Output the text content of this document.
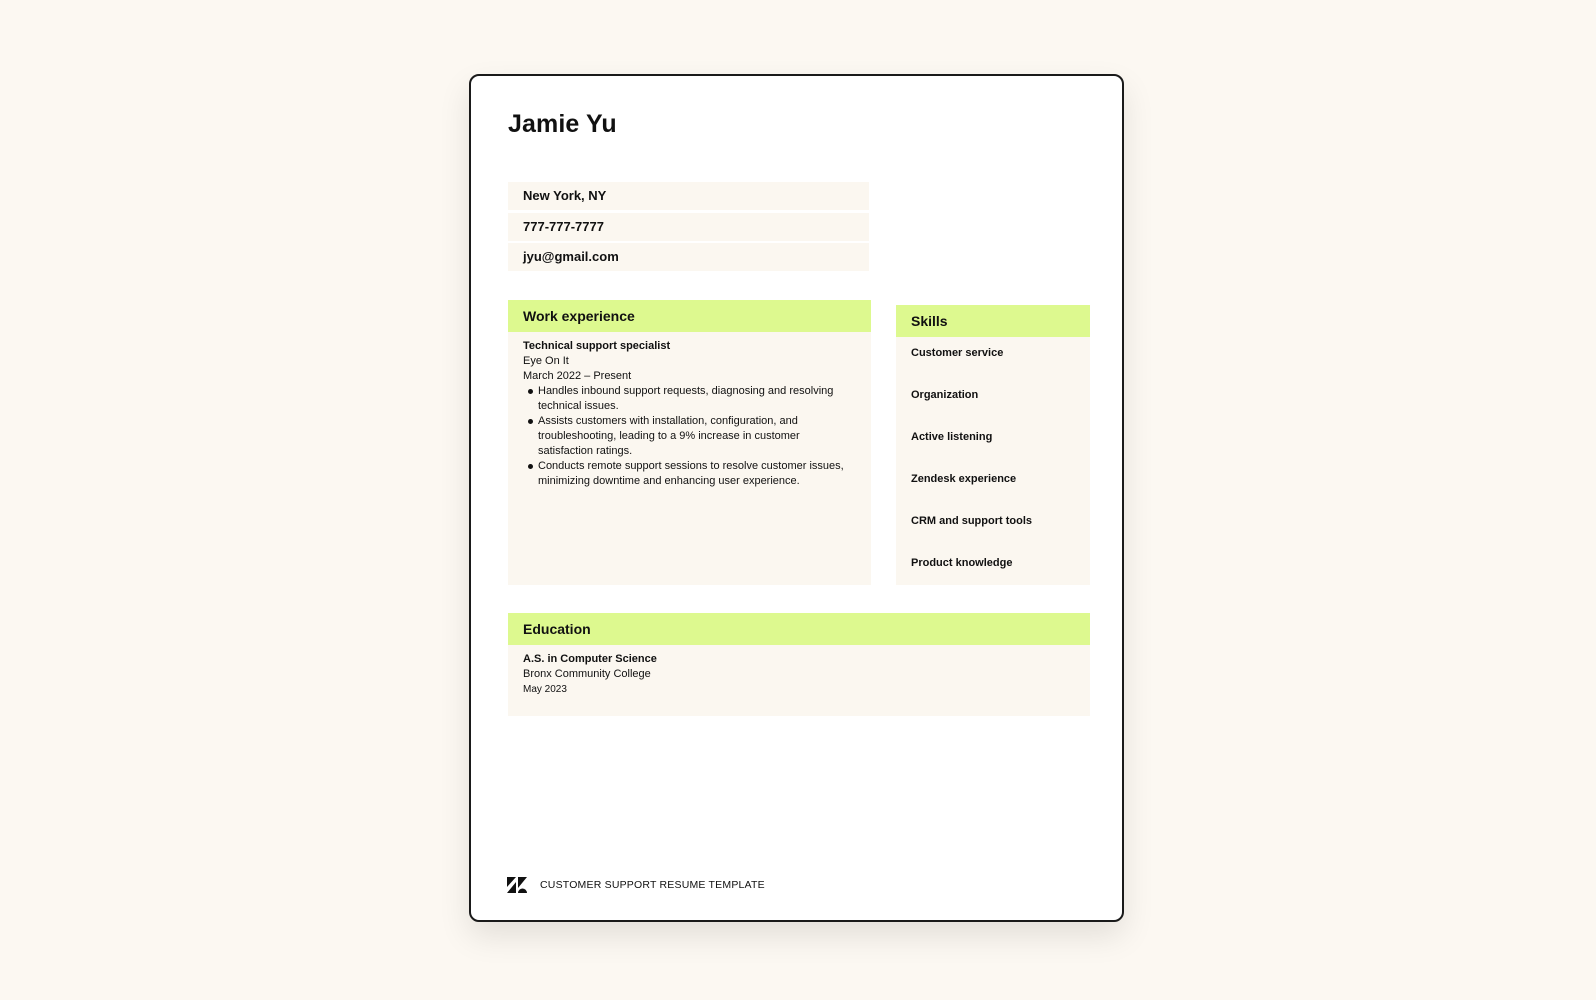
Jamie Yu
New York, NY
777-777-7777
jyu@gmail.com
Work experience

Technical support specialist

Eye On It

March 2022 – Present

Handles inbound support requests, diagnosing and resolving technical issues.
Assists customers with installation, configuration, and troubleshooting, leading to a 9% increase in customer satisfaction ratings.
Conducts remote support sessions to resolve customer issues, minimizing downtime and enhancing user experience.
Skills
Customer service
Organization
Active listening
Zendesk experience
CRM and support tools
Product knowledge
Education

A.S. in Computer Science

Bronx Community College

May 2023

CUSTOMER SUPPORT RESUME TEMPLATE
